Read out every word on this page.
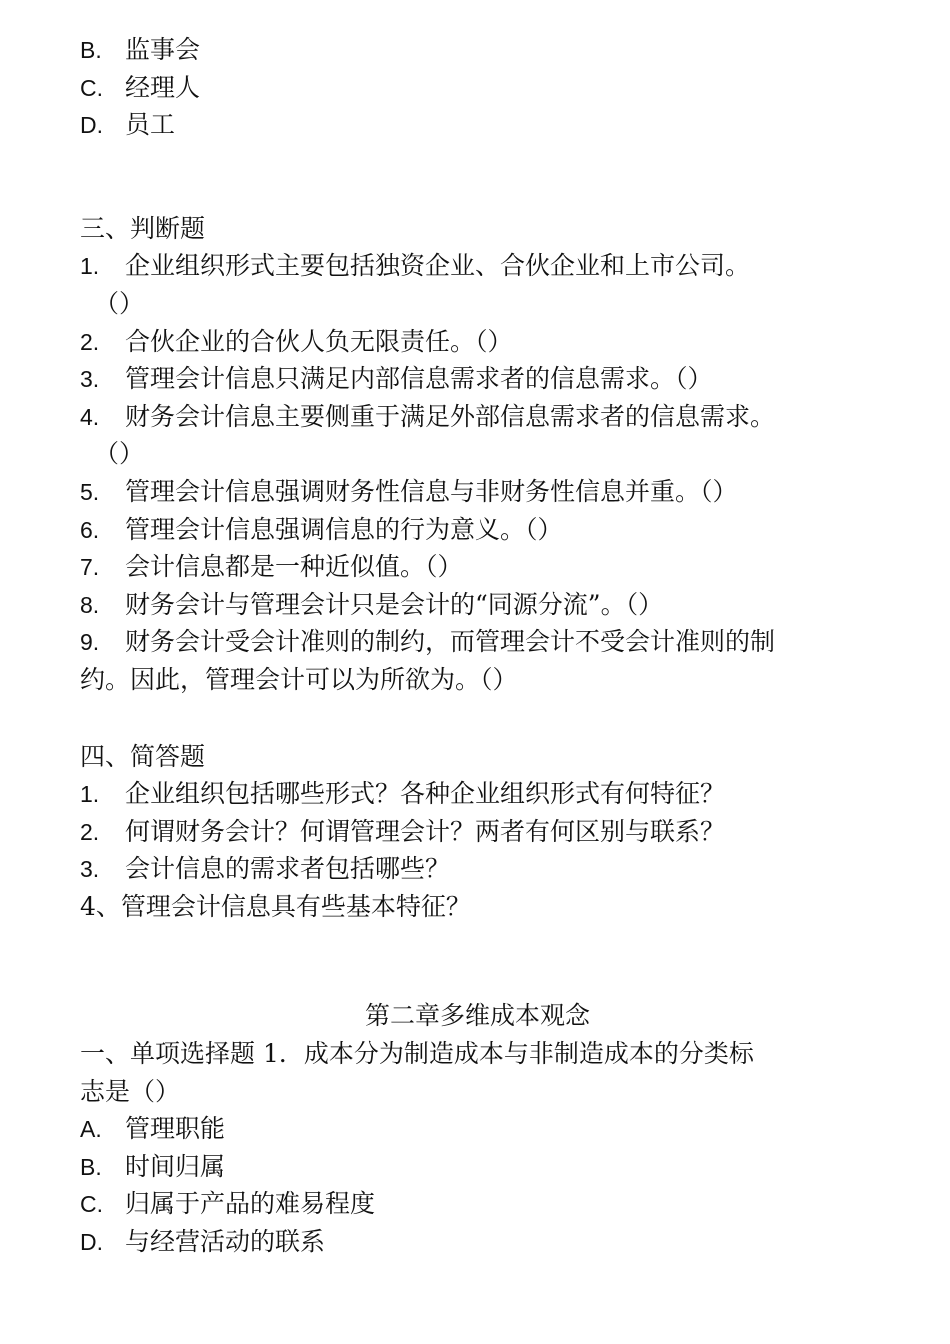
B. 监事会
C. 经理人
D. 员工
三、判断题
1.	企业组织形式主要包括独资企业、合伙企业和上市公司。
（）
2.	合伙企业的合伙人负无限责任。（）
3.	管理会计信息只满足内部信息需求者的信息需求。（）
4.	财务会计信息主要侧重于满足外部信息需求者的信息需求。
（）
5.	管理会计信息强调财务性信息与非财务性信息并重。（）
6.	管理会计信息强调信息的行为意义。（）
7.	会计信息都是一种近似值。（）
8.	财务会计与管理会计只是会计的“同源分流”。（）
9.	财务会计受会计准则的制约，而管理会计不受会计准则的制
约。因此，管理会计可以为所欲为。（）
四、简答题
1.	企业组织包括哪些形式？各种企业组织形式有何特征？
2.	何谓财务会计？何谓管理会计？两者有何区别与联系？
3.	会计信息的需求者包括哪些？
4、管理会计信息具有些基本特征？
第二章多维成本观念
一、单项选择题 1．成本分为制造成本与非制造成本的分类标
志是（）
A. 管理职能
B. 时间归属
C. 归属于产品的难易程度
D. 与经营活动的联系
